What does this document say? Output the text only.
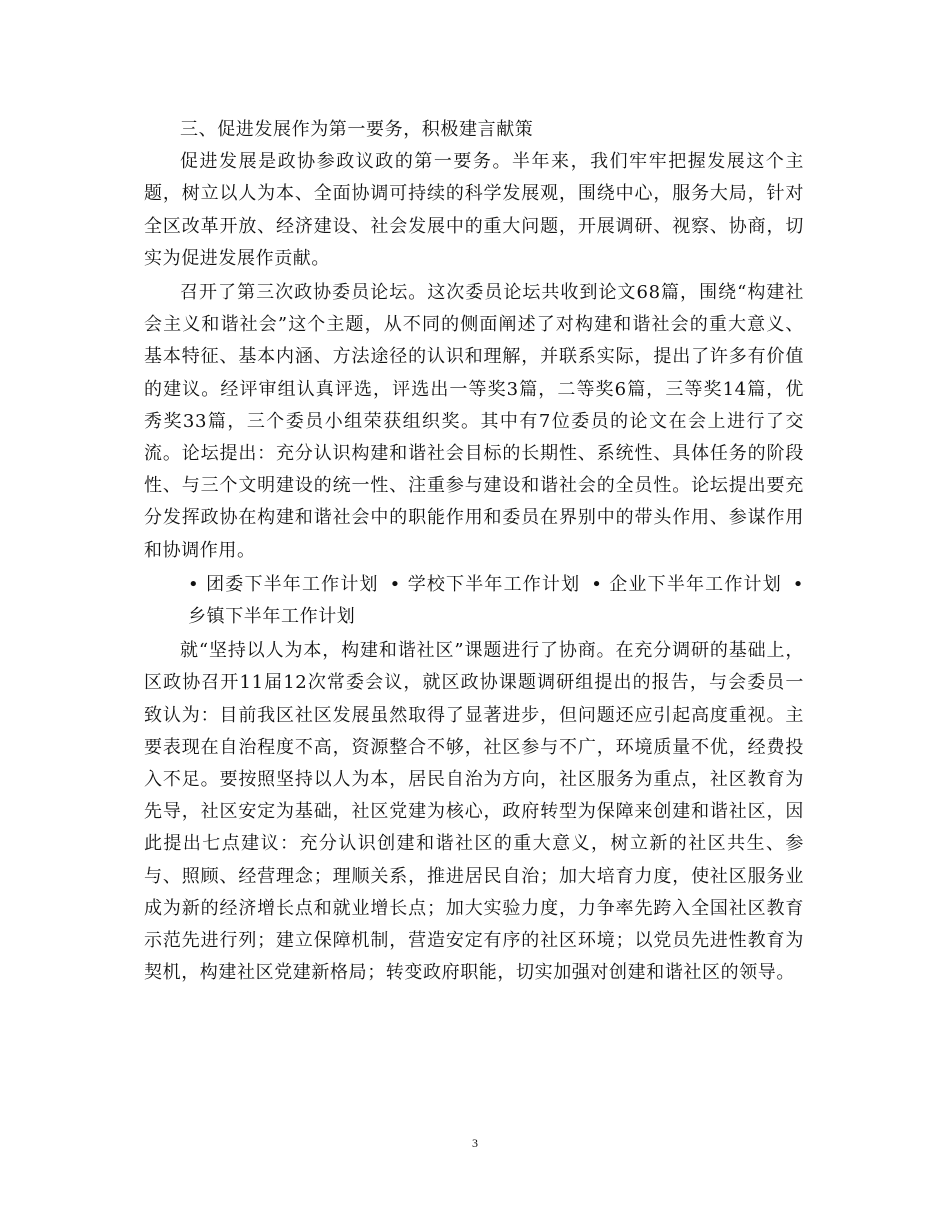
三、促进发展作为第一要务，积极建言献策

促进发展是政协参政议政的第一要务。半年来，我们牢牢把握发展这个主题，树立以人为本、全面协调可持续的科学发展观，围绕中心，服务大局，针对全区改革开放、经济建设、社会发展中的重大问题，开展调研、视察、协商，切实为促进发展作贡献。

召开了第三次政协委员论坛。这次委员论坛共收到论文68篇，围绕“构建社会主义和谐社会”这个主题，从不同的侧面阐述了对构建和谐社会的重大意义、基本特征、基本内涵、方法途径的认识和理解，并联系实际，提出了许多有价值的建议。经评审组认真评选，评选出一等奖3篇，二等奖6篇，三等奖14篇，优秀奖33篇，三个委员小组荣获组织奖。其中有7位委员的论文在会上进行了交流。论坛提出：充分认识构建和谐社会目标的长期性、系统性、具体任务的阶段性、与三个文明建设的统一性、注重参与建设和谐社会的全员性。论坛提出要充分发挥政协在构建和谐社会中的职能作用和委员在界别中的带头作用、参谋作用和协调作用。

• 团委下半年工作计划 • 学校下半年工作计划 • 企业下半年工作计划 • 乡镇下半年工作计划

就“坚持以人为本，构建和谐社区”课题进行了协商。在充分调研的基础上，区政协召开11届12次常委会议，就区政协课题调研组提出的报告，与会委员一致认为：目前我区社区发展虽然取得了显著进步，但问题还应引起高度重视。主要表现在自治程度不高，资源整合不够，社区参与不广，环境质量不优，经费投入不足。要按照坚持以人为本，居民自治为方向，社区服务为重点，社区教育为先导，社区安定为基础，社区党建为核心，政府转型为保障来创建和谐社区，因此提出七点建议：充分认识创建和谐社区的重大意义，树立新的社区共生、参与、照顾、经营理念；理顺关系，推进居民自治；加大培育力度，使社区服务业成为新的经济增长点和就业增长点；加大实验力度，力争率先跨入全国社区教育示范先进行列；建立保障机制，营造安定有序的社区环境；以党员先进性教育为契机，构建社区党建新格局；转变政府职能，切实加强对创建和谐社区的领导。

3
